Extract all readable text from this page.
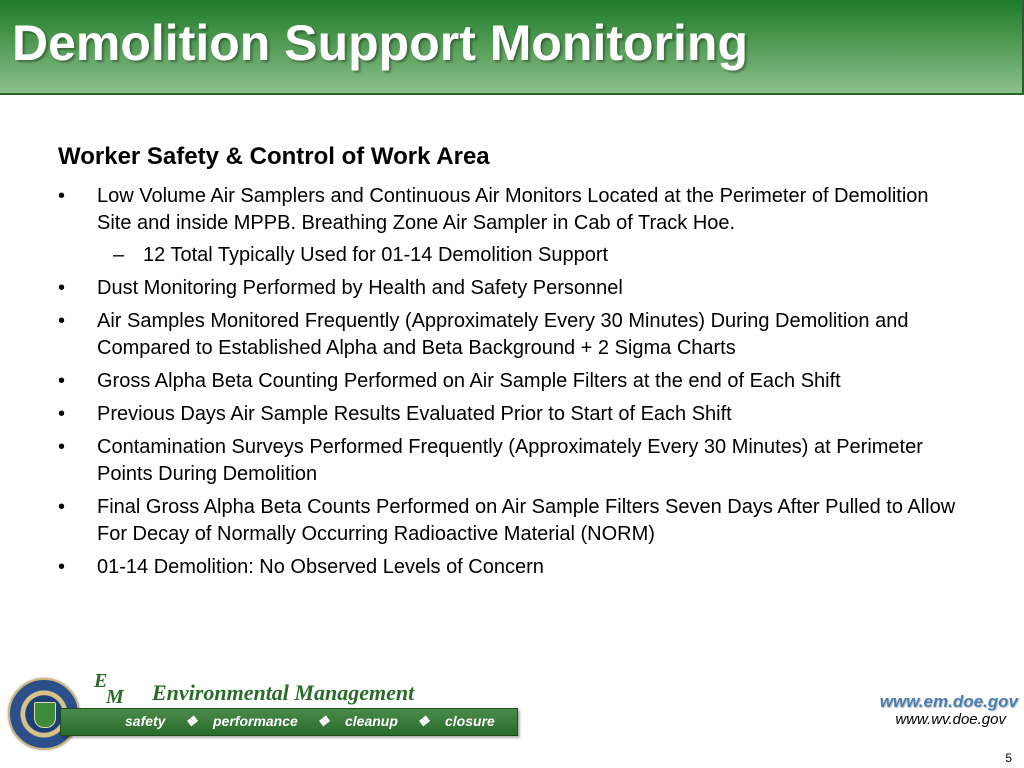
Demolition Support Monitoring
Worker Safety & Control of Work Area
• Low Volume Air Samplers and Continuous Air Monitors Located at the Perimeter of Demolition Site and inside MPPB. Breathing Zone Air Sampler in Cab of Track Hoe.
– 12 Total Typically Used for 01-14 Demolition Support
• Dust Monitoring Performed by Health and Safety Personnel
• Air Samples Monitored Frequently (Approximately Every 30 Minutes) During Demolition and Compared to Established Alpha and Beta Background + 2 Sigma Charts
• Gross Alpha Beta Counting Performed on Air Sample Filters at the end of Each Shift
• Previous Days Air Sample Results Evaluated Prior to Start of Each Shift
• Contamination Surveys Performed Frequently (Approximately Every 30 Minutes) at Perimeter Points During Demolition
• Final Gross Alpha Beta Counts Performed on Air Sample Filters Seven Days After Pulled to Allow For Decay of Normally Occurring Radioactive Material (NORM)
• 01-14 Demolition: No Observed Levels of Concern
E
M Environmental Management
safety ❖ performance ❖ cleanup ❖ closure
www.em.doe.gov
www.wv.doe.gov
5
